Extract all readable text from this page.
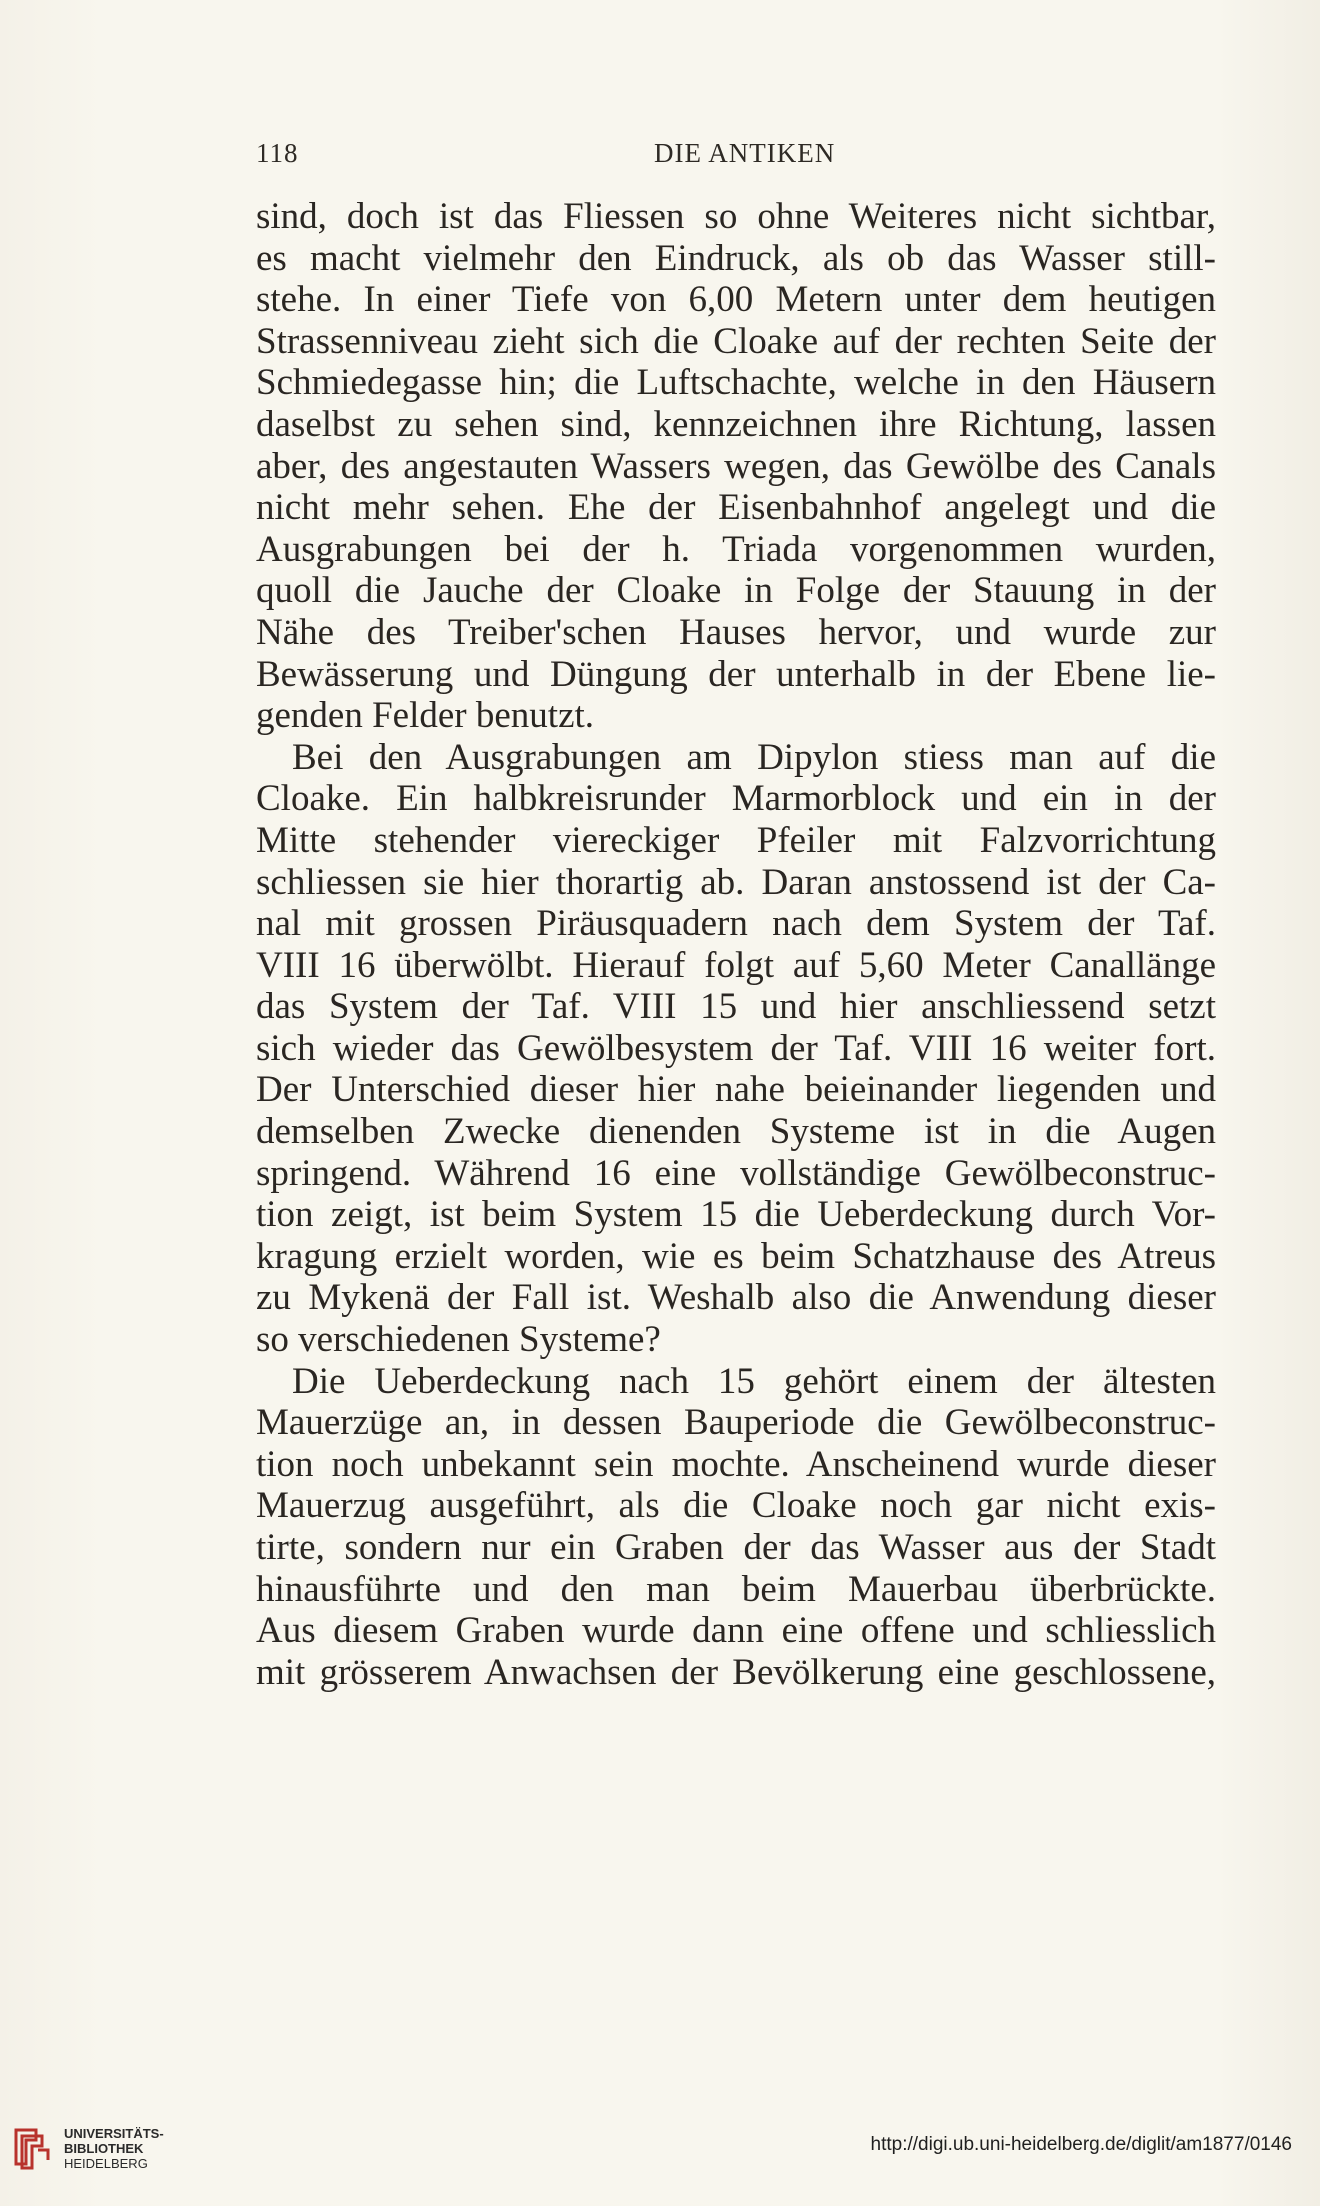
118	DIE ANTIKEN
sind, doch ist das Fliessen so ohne Weiteres nicht sichtbar,
es macht vielmehr den Eindruck, als ob das Wasser still-
stehe. In einer Tiefe von 6,00 Metern unter dem heutigen
Strassenniveau zieht sich die Cloake auf der rechten Seite der
Schmiedegasse hin; die Luftschachte, welche in den Häusern
daselbst zu sehen sind, kennzeichnen ihre Richtung, lassen
aber, des angestauten Wassers wegen, das Gewölbe des Canals
nicht mehr sehen. Ehe der Eisenbahnhof angelegt und die
Ausgrabungen bei der h. Triada vorgenommen wurden,
quoll die Jauche der Cloake in Folge der Stauung in der
Nähe des Treiber'schen Hauses hervor, und wurde zur
Bewässerung und Düngung der unterhalb in der Ebene lie-
genden Felder benutzt.
Bei den Ausgrabungen am Dipylon stiess man auf die
Cloake. Ein halbkreisrunder Marmorblock und ein in der
Mitte stehender viereckiger Pfeiler mit Falzvorrichtung
schliessen sie hier thorartig ab. Daran anstossend ist der Ca-
nal mit grossen Piräusquadern nach dem System der Taf.
VIII 16 überwölbt. Hierauf folgt auf 5,60 Meter Canallänge
das System der Taf. VIII 15 und hier anschliessend setzt
sich wieder das Gewölbesystem der Taf. VIII 16 weiter fort.
Der Unterschied dieser hier nahe beieinander liegenden und
demselben Zwecke dienenden Systeme ist in die Augen
springend. Während 16 eine vollständige Gewölbeconstruc-
tion zeigt, ist beim System 15 die Ueberdeckung durch Vor-
kragung erzielt worden, wie es beim Schatzhause des Atreus
zu Mykenä der Fall ist. Weshalb also die Anwendung dieser
so verschiedenen Systeme?
Die Ueberdeckung nach 15 gehört einem der ältesten
Mauerzüge an, in dessen Bauperiode die Gewölbeconstruc-
tion noch unbekannt sein mochte. Anscheinend wurde dieser
Mauerzug ausgeführt, als die Cloake noch gar nicht exis-
tirte, sondern nur ein Graben der das Wasser aus der Stadt
hinausführte und den man beim Mauerbau überbrückte.
Aus diesem Graben wurde dann eine offene und schliesslich
mit grösserem Anwachsen der Bevölkerung eine geschlossene,
UNIVERSITÄTS-
BIBLIOTHEK
HEIDELBERG
http://digi.ub.uni-heidelberg.de/diglit/am1877/0146
